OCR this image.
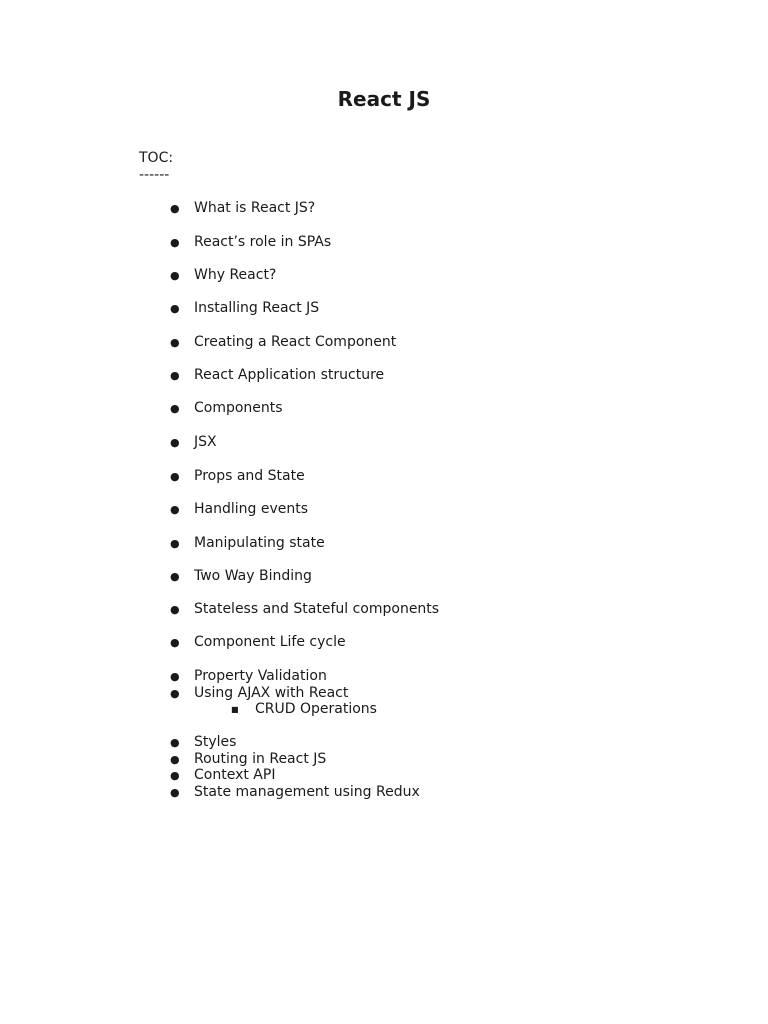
React JS
TOC:
------
● What is React JS?
● React’s role in SPAs
● Why React?
● Installing React JS
● Creating a React Component
● React Application structure
● Components
● JSX
● Props and State
● Handling events
● Manipulating state
● Two Way Binding
● Stateless and Stateful components
● Component Life cycle
● Property Validation
● Using AJAX with React
■ CRUD Operations
● Styles
● Routing in React JS
● Context API
● State management using Redux
